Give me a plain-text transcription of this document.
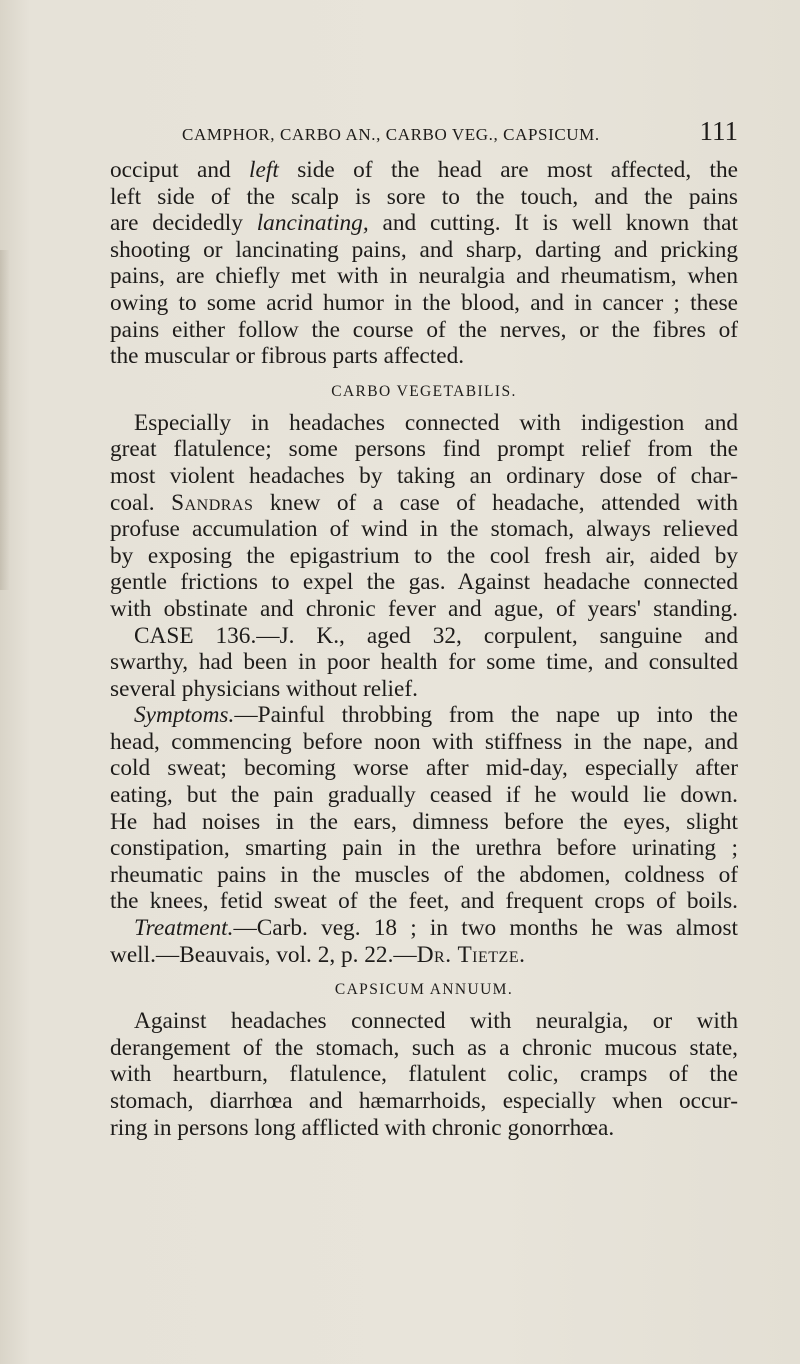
CAMPHOR, CARBO AN., CARBO VEG., CAPSICUM.	111

occiput and left side of the head are most affected, the

left side of the scalp is sore to the touch, and the pains

are decidedly lancinating, and cutting. It is well known that

shooting or lancinating pains, and sharp, darting and pricking

pains, are chiefly met with in neuralgia and rheumatism, when

owing to some acrid humor in the blood, and in cancer ; these

pains either follow the course of the nerves, or the fibres of

the muscular or fibrous parts affected.

CARBO VEGETABILIS.

Especially in headaches connected with indigestion and

great flatulence; some persons find prompt relief from the

most violent headaches by taking an ordinary dose of char-

coal. Sandras knew of a case of headache, attended with

profuse accumulation of wind in the stomach, always relieved

by exposing the epigastrium to the cool fresh air, aided by

gentle frictions to expel the gas. Against headache connected

with obstinate and chronic fever and ague, of years' standing.

CASE 136.—J. K., aged 32, corpulent, sanguine and

swarthy, had been in poor health for some time, and consulted

several physicians without relief.

Symptoms.—Painful throbbing from the nape up into the

head, commencing before noon with stiffness in the nape, and

cold sweat; becoming worse after mid-day, especially after

eating, but the pain gradually ceased if he would lie down.

He had noises in the ears, dimness before the eyes, slight

constipation, smarting pain in the urethra before urinating ;

rheumatic pains in the muscles of the abdomen, coldness of

the knees, fetid sweat of the feet, and frequent crops of boils.

Treatment.—Carb. veg. 18 ; in two months he was almost

well.—Beauvais, vol. 2, p. 22.—Dr. Tietze.

CAPSICUM ANNUUM.

Against headaches connected with neuralgia, or with

derangement of the stomach, such as a chronic mucous state,

with heartburn, flatulence, flatulent colic, cramps of the

stomach, diarrhœa and hæmarrhoids, especially when occur-

ring in persons long afflicted with chronic gonorrhœa.
